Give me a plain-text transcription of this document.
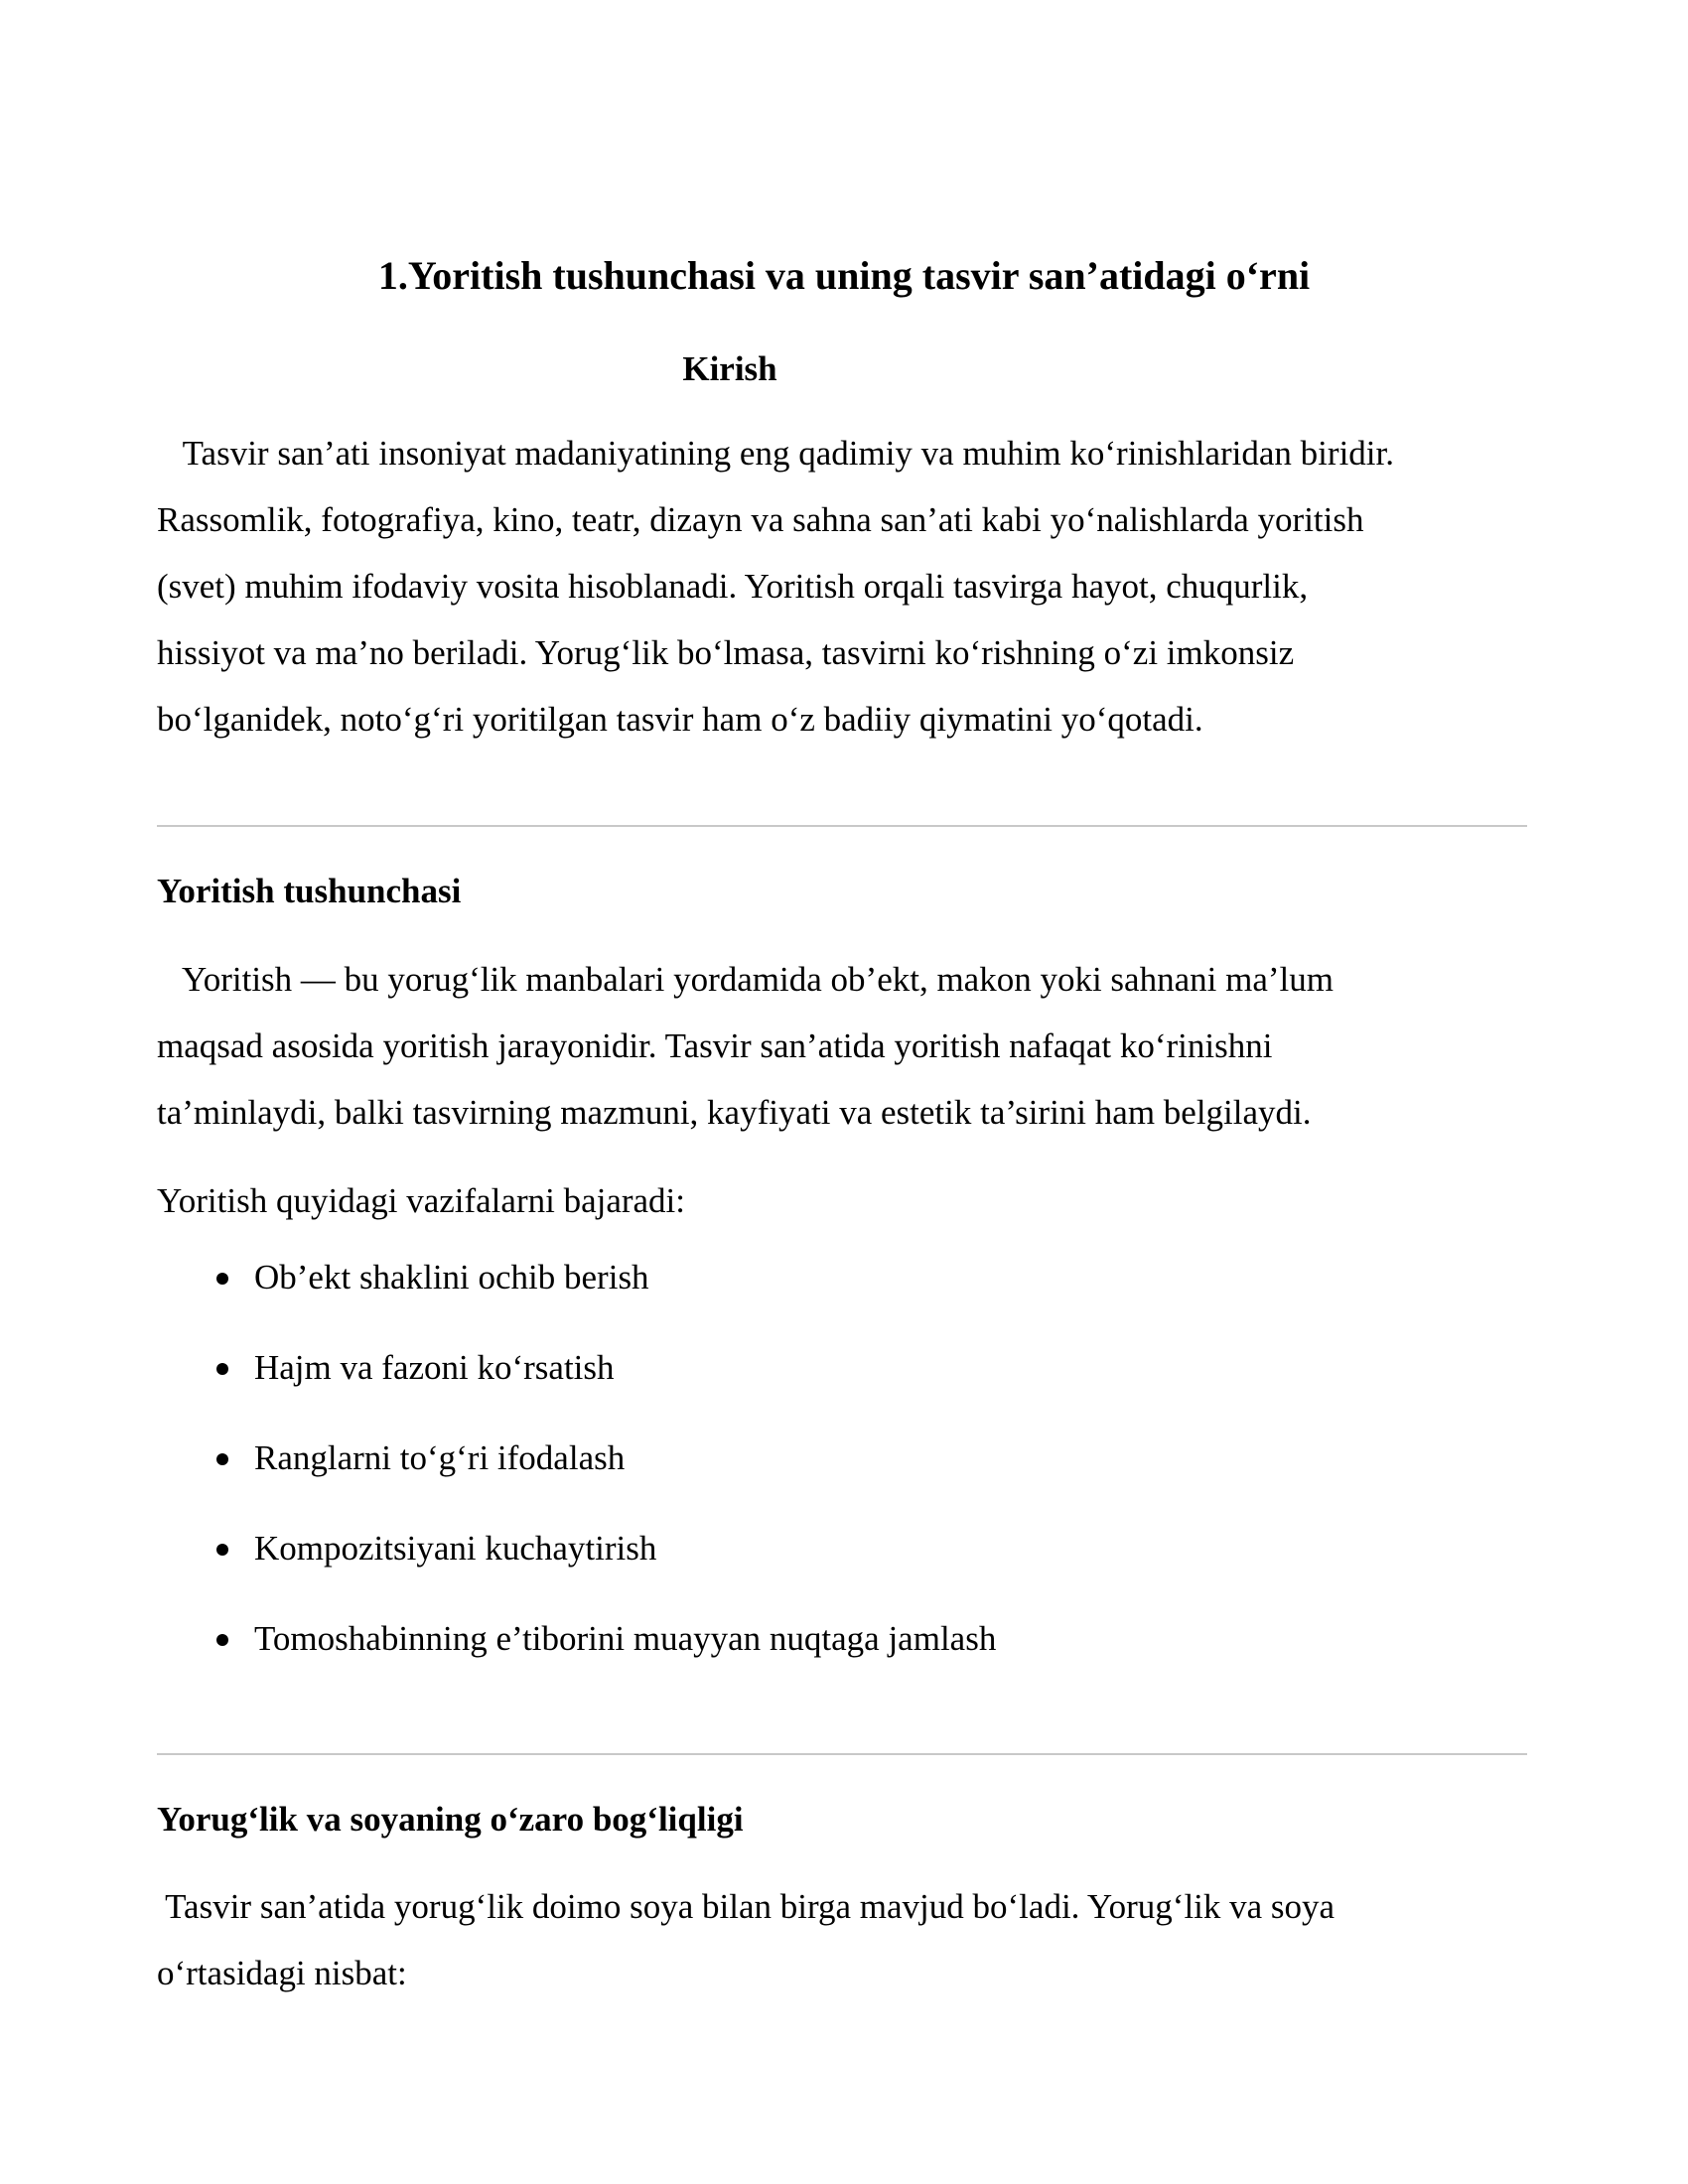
1.Yoritish tushunchasi va uning tasvir san’atidagi o‘rni
Kirish

Tasvir san’ati insoniyat madaniyatining eng qadimiy va muhim ko‘rinishlaridan biridir.
Rassomlik, fotografiya, kino, teatr, dizayn va sahna san’ati kabi yo‘nalishlarda yoritish
(svet) muhim ifodaviy vosita hisoblanadi. Yoritish orqali tasvirga hayot, chuqurlik,
hissiyot va ma’no beriladi. Yorug‘lik bo‘lmasa, tasvirni ko‘rishning o‘zi imkonsiz
bo‘lganidek, noto‘g‘ri yoritilgan tasvir ham o‘z badiiy qiymatini yo‘qotadi.

Yoritish tushunchasi

Yoritish — bu yorug‘lik manbalari yordamida ob’ekt, makon yoki sahnani ma’lum
maqsad asosida yoritish jarayonidir. Tasvir san’atida yoritish nafaqat ko‘rinishni
ta’minlaydi, balki tasvirning mazmuni, kayfiyati va estetik ta’sirini ham belgilaydi.

Yoritish quyidagi vazifalarni bajaradi:

Ob’ekt shaklini ochib berish
Hajm va fazoni ko‘rsatish
Ranglarni to‘g‘ri ifodalash
Kompozitsiyani kuchaytirish
Tomoshabinning e’tiborini muayyan nuqtaga jamlash
Yorug‘lik va soyaning o‘zaro bog‘liqligi

Tasvir san’atida yorug‘lik doimo soya bilan birga mavjud bo‘ladi. Yorug‘lik va soya
o‘rtasidagi nisbat:
